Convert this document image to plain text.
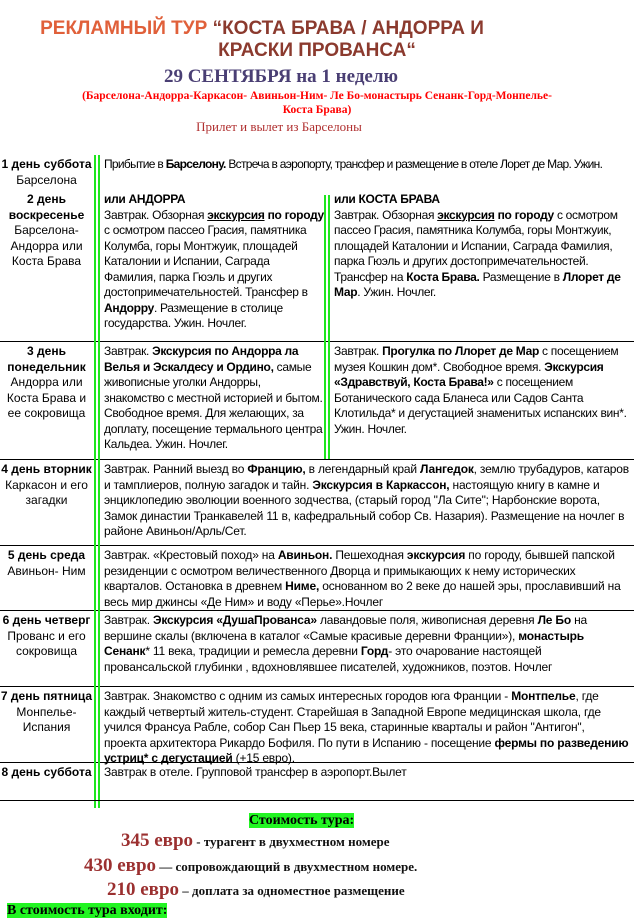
РЕКЛАМНЫЙ ТУР “КОСТА БРАВА / АНДОРРА И
КРАСКИ ПРОВАНСА“
29 СЕНТЯБРЯ на 1 неделю
(Барселона-Андорра-Каркасон- Авиньон-Ним- Ле Бо-монастырь Сенанк-Горд-Монпелье-
Коста Брава)
Прилет и вылет из Барселоны
1 день суббота
Барселона
Прибытие в Барселону. Встреча в аэропорту, трансфер и размещение в отеле Лорет де Мар. Ужин.
2 день воскресенье
Барселона-Андорра или Коста Брава
или АНДОРРА
Завтрак. Обзорная экскурсия по городу с осмотром пассео Грасия, памятника Колумба, горы Монтжуик, площадей Каталонии и Испании, Саграда Фамилия, парка Гюэль и других достопримечательностей. Трансфер в Андорру. Размещение в столице государства. Ужин. Ночлег.
или КОСТА БРАВА
Завтрак. Обзорная экскурсия по городу с осмотром пассео Грасия, памятника Колумба, горы Монтжуик, площадей Каталонии и Испании, Саграда Фамилия, парка Гюэль и других достопримечательностей. Трансфер на Коста Брава. Размещение в Ллорет де Мар. Ужин. Ночлег.
3 день понедельник
Андорра или Коста Брава и ее сокровища
Завтрак. Экскурсия по Андорра ла Велья и Эскалдесу и Ордино, самые живописные уголки Андорры, знакомство с местной историей и бытом. Свободное время. Для желающих, за доплату, посещение термального центра Кальдеа. Ужин. Ночлег.
Завтрак. Прогулка по Ллорет де Мар с посещением музея Кошкин дом*. Свободное время. Экскурсия «Здравствуй, Коста Брава!» с посещением Ботанического сада Бланеса или Садов Санта Клотильда* и дегустацией знаменитых испанских вин*. Ужин. Ночлег.
4 день вторник
Каркасон и его загадки
Завтрак. Ранний выезд во Францию, в легендарный край Лангедок, землю трубадуров, катаров и тамплиеров, полную загадок и тайн. Экскурсия в Каркассон, настоящую книгу в камне и энциклопедию эволюции военного зодчества, (старый город "Ла Сите"; Нарбонские ворота, Замок династии Транкавелей 11 в, кафедральный собор Св. Назария). Размещение на ночлег в районе Авиньон/Арль/Сет.
5 день среда
Авиньон- Ним
Завтрак. «Крестовый поход» на Авиньон. Пешеходная экскурсия по городу, бывшей папской резиденции с осмотром величественного Дворца и примыкающих к нему исторических кварталов. Остановка в древнем Ниме, основанном во 2 веке до нашей эры, прославивший на весь мир джинсы «Де Ним» и воду «Перье».Ночлег
6 день четверг
Прованс и его сокровища
Завтрак. Экскурсия «ДушаПрованса» лавандовые поля, живописная деревня Ле Бо на вершине скалы (включена в каталог «Самые красивые деревни Франции»), монастырь Сенанк* 11 века, традиции и ремесла деревни Горд- это очарование настоящей провансальской глубинки , вдохновлявшее писателей, художников, поэтов. Ночлег
7 день пятница
Монпелье-Испания
Завтрак. Знакомство с одним из самых интересных городов юга Франции - Монтпелье, где каждый четвертый житель-студент. Старейшая в Западной Европе медицинская школа, где учился Франсуа Рабле, собор Сан Пьер 15 века, старинные кварталы и район "Антигон", проекта архитектора Рикардо Бофиля. По пути в Испанию - посещение фермы по разведению устриц* с дегустацией (+15 евро).
8 день суббота Завтрак в отеле. Групповой трансфер в аэропорт.Вылет
Стоимость тура:
345 евро - турагент в двухместном номере
430 евро — сопровождающий в двухместном номере.
210 евро – доплата за одноместное размещение
В стоимость тура входит:
